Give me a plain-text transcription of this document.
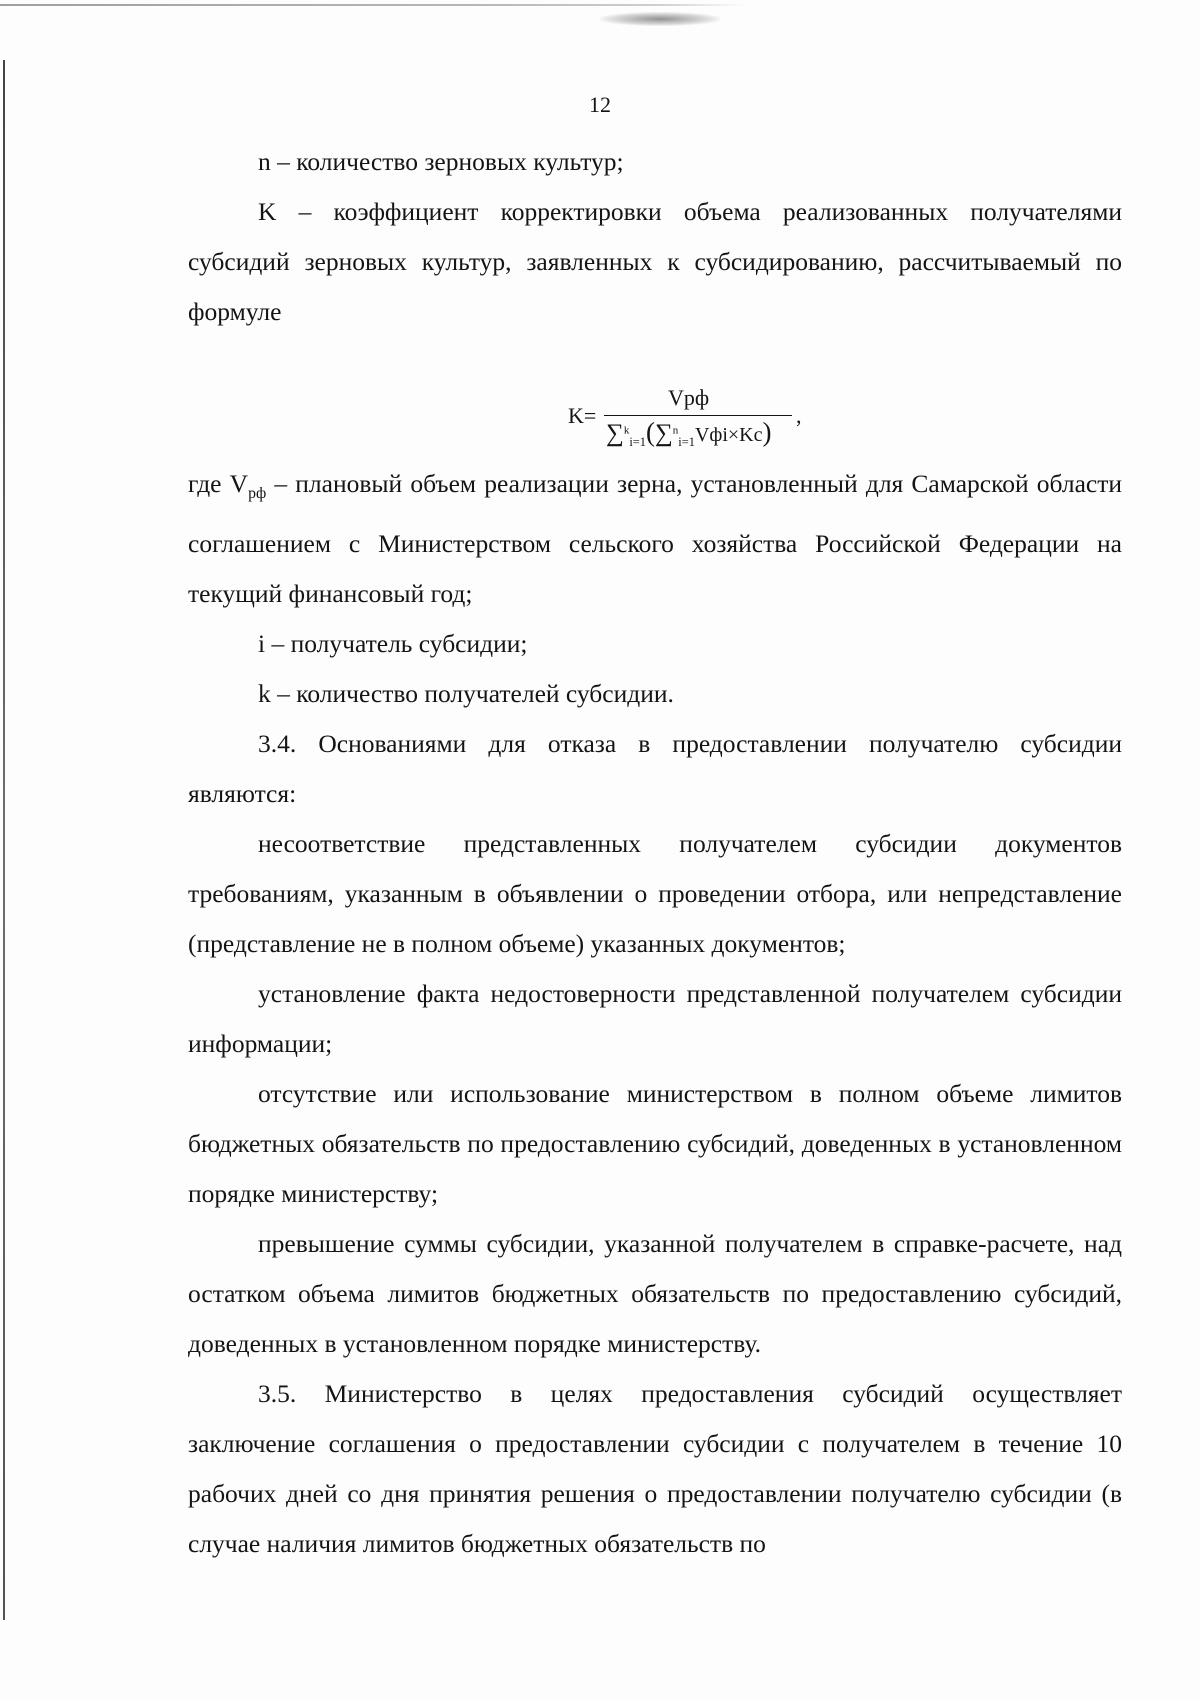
12

n – количество зерновых культур;

K – коэффициент корректировки объема реализованных получателями субсидий зерновых культур, заявленных к субсидированию, рассчитываемый по формуле

K=
Vрф
∑$^k_{i=1}$(∑$^n_{i=1}$Vфi×Kc)
,

где $V_{рф}$ – плановый объем реализации зерна, установленный для Самарской области соглашением с Министерством сельского хозяйства Российской Федерации на текущий финансовый год;

i – получатель субсидии;

k – количество получателей субсидии.

3.4. Основаниями для отказа в предоставлении получателю субсидии являются:

несоответствие представленных получателем субсидии документов требованиям, указанным в объявлении о проведении отбора, или непредставление (представление не в полном объеме) указанных документов;

установление факта недостоверности представленной получателем субсидии информации;

отсутствие или использование министерством в полном объеме лимитов бюджетных обязательств по предоставлению субсидий, доведенных в установленном порядке министерству;

превышение суммы субсидии, указанной получателем в справке-расчете, над остатком объема лимитов бюджетных обязательств по предоставлению субсидий, доведенных в установленном порядке министерству.

3.5. Министерство в целях предоставления субсидий осуществляет заключение соглашения о предоставлении субсидии с получателем в течение 10 рабочих дней со дня принятия решения о предоставлении получателю субсидии (в случае наличия лимитов бюджетных обязательств по
